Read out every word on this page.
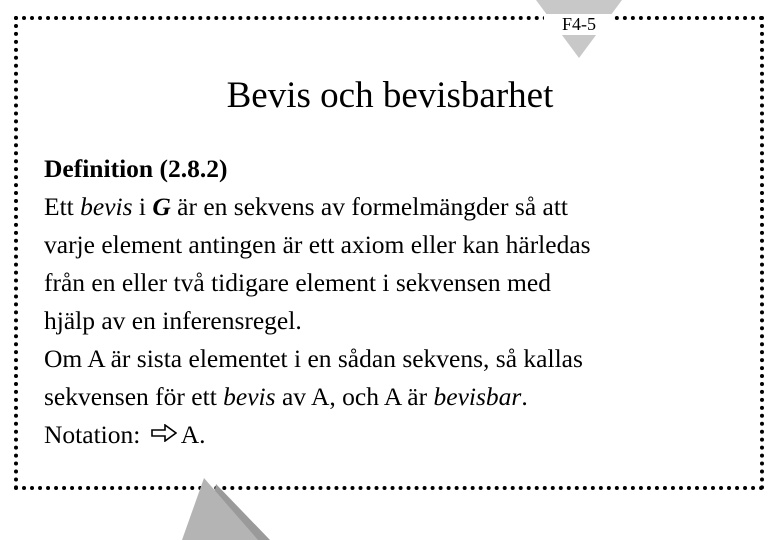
F4-5
Bevis och bevisbarhet
Definition (2.8.2)
Ett bevis i G är en sekvens av formelmängder så att
varje element antingen är ett axiom eller kan härledas
från en eller två tidigare element i sekvensen med
hjälp av en inferensregel.
Om A är sista elementet i en sådan sekvens, så kallas
sekvensen för ett bevis av A, och A är bevisbar.
Notation: A.
